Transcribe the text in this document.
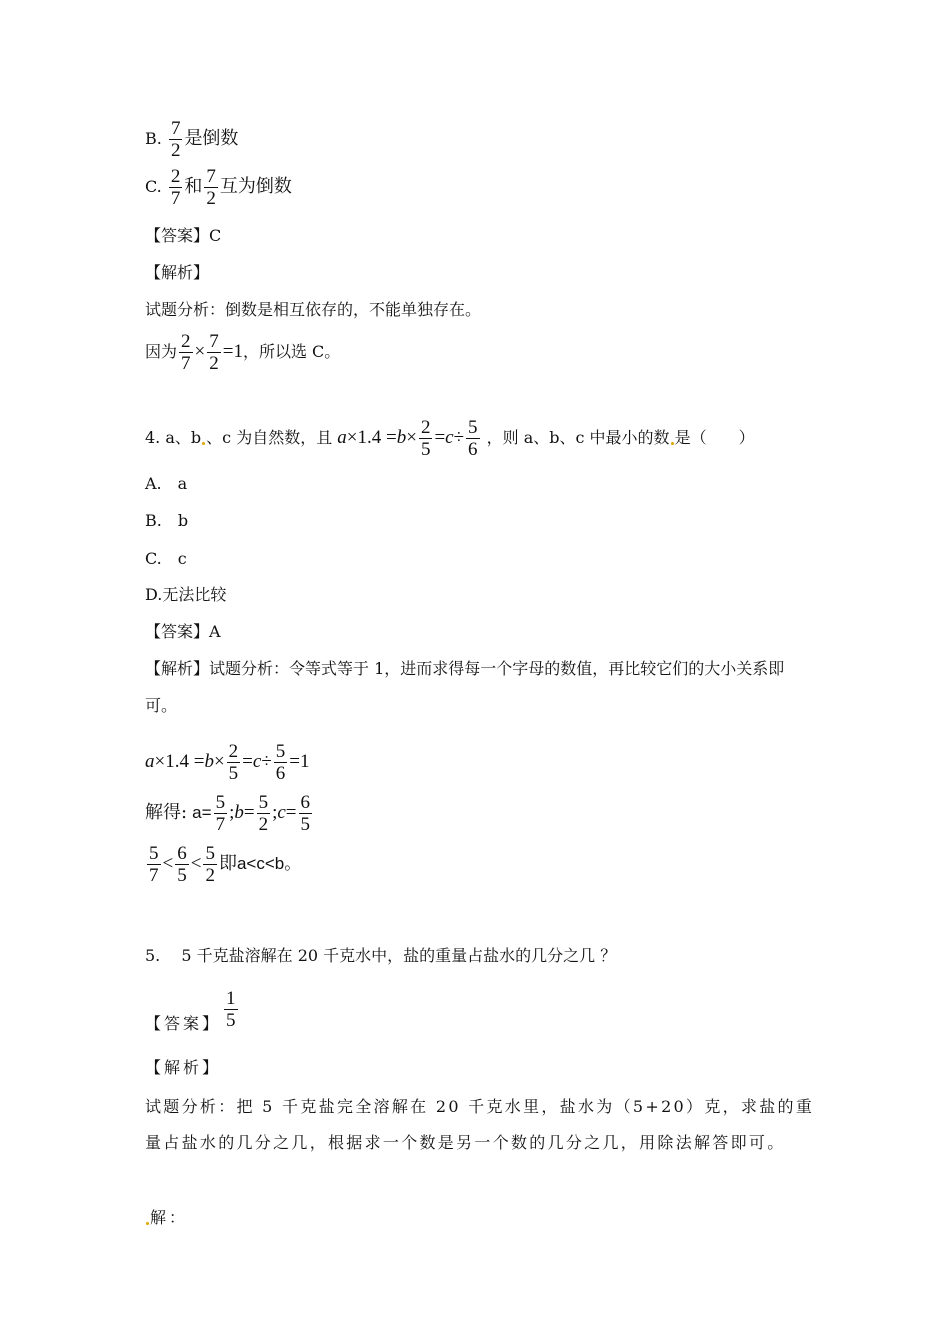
B. $\frac{7}{2}$ 是倒数
C. $\frac{2}{7}$ 和 $\frac{7}{2}$ 互为倒数
【答案】C
【解析】
试题分析：倒数是相互依存的，不能单独存在。
因为 $\frac{2}{7} \times \frac{7}{2} =1$，所以选 C。
4. a、b 、c 为自然数，且 $a\times 1.4 =b\times \frac{2}{5} =c\div \frac{5}{6}$ ，则 a、b、c 中最小的数 是（　　）
A.　a
B.　b
C.　c
D.无法比较
【答案】A
【解析】试题分析：令等式等于 1，进而求得每一个字母的数值，再比较它们的大小关系即
可。
$a\times 1.4 =b\times \frac{2}{5} =c\div \frac{5}{6} =1$
解得: $a= \frac{5}{7}$ ;b= $\frac{5}{2}$ ;c= $\frac{6}{5}$
$\frac{5}{7} < \frac{6}{5} < \frac{5}{2}$ 即a<c<b。
5.　 5 千克盐溶解在 20 千克水中，盐的重量占盐水的几分之几 ？
【答案】 $\frac{1}{5}$
【解析】
试题分析：把 5 千克盐完全溶解在 20 千克水里，盐水为（5+20）克，求盐的重
量占盐水的几分之几，根据求一个数是另一个数的几分之几，用除法解答即可。
解：
